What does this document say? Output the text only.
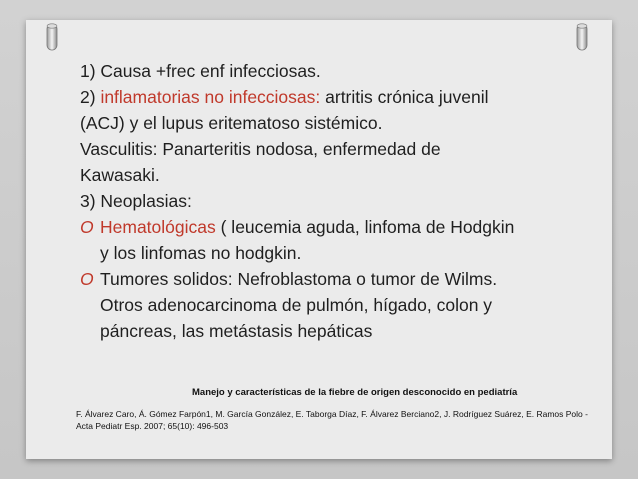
1) Causa +frec enf infecciosas.
2) inflamatorias no infecciosas: artritis crónica juvenil
(ACJ) y el lupus eritematoso sistémico.
Vasculitis: Panarteritis nodosa, enfermedad de
Kawasaki.
3) Neoplasias:
O Hematológicas ( leucemia aguda, linfoma de Hodgkin
y los linfomas no hodgkin.
O Tumores solidos: Nefroblastoma o tumor de Wilms.
Otros adenocarcinoma de pulmón, hígado, colon y
páncreas, las metástasis hepáticas
Manejo y características de la fiebre de origen desconocido en pediatría
F. Álvarez Caro, Á. Gómez Farpón1, M. García González, E. Taborga Díaz, F. Álvarez Berciano2, J. Rodríguez Suárez, E. Ramos Polo -
Acta Pediatr Esp. 2007; 65(10): 496-503
